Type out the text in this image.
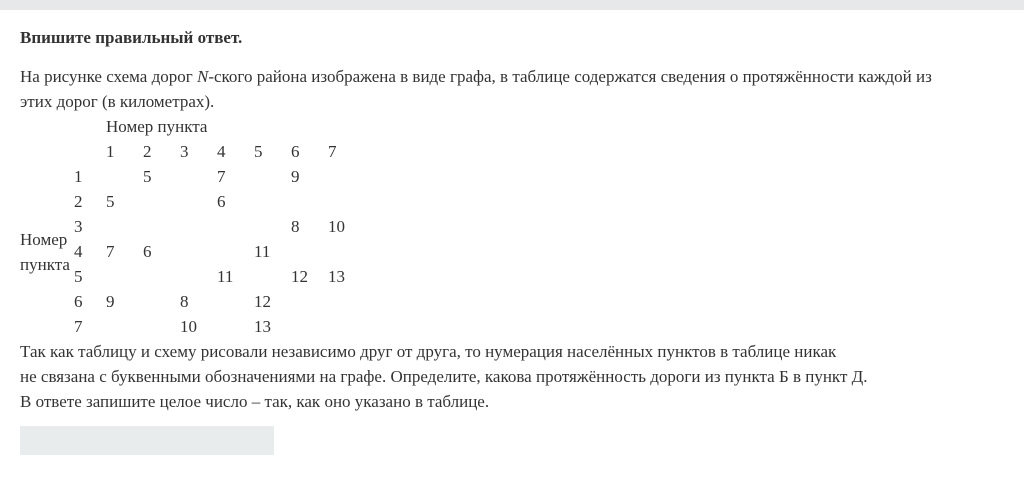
Впишите правильный ответ.

На рисунке схема дорог N-ского района изображена в виде графа, в таблице содержатся сведения о протяжённости каждой из
этих дорог (в километрах).

		Номер пункта						
		1	2	3	4	5	6	7
Номер
пункта	1		5		7		9	
	2	5			6			
	3						8	10
	4	7	6			11		
	5				11		12	13
	6	9		8		12		
	7			10		13		

Так как таблицу и схему рисовали независимо друг от друга, то нумерация населённых пунктов в таблице никак

не связана с буквенными обозначениями на графе. Определите, какова протяжённость дороги из пункта Б в пункт Д.

В ответе запишите целое число – так, как оно указано в таблице.
